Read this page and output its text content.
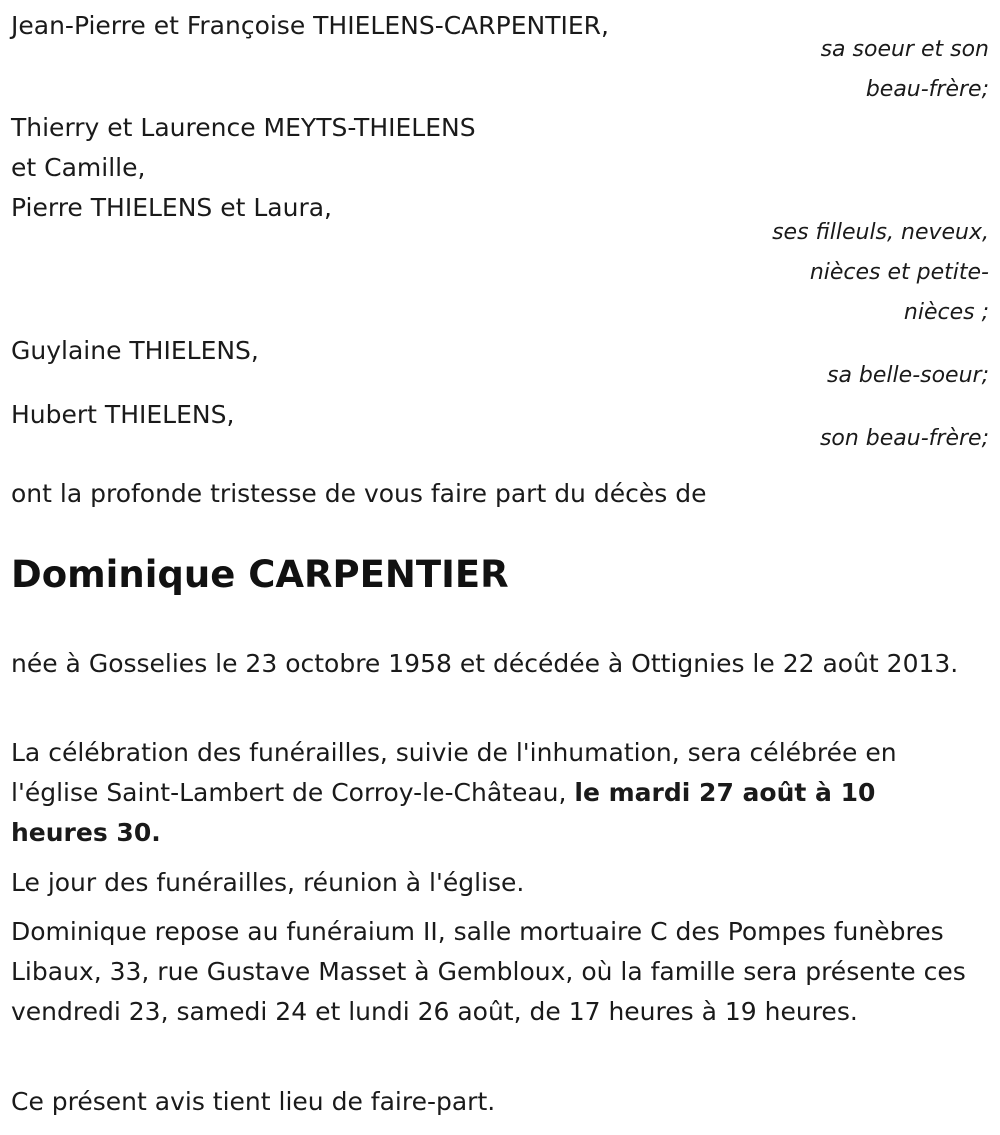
Jean-Pierre et Françoise THIELENS-CARPENTIER,
sa soeur et son
beau-frère;
Thierry et Laurence MEYTS-THIELENS
et Camille,
Pierre THIELENS et Laura,
ses filleuls, neveux,
nièces et petite-
nièces ;
Guylaine THIELENS,
sa belle-soeur;
Hubert THIELENS,
son beau-frère;
ont la profonde tristesse de vous faire part du décès de
Dominique CARPENTIER
née à Gosselies le 23 octobre 1958 et décédée à Ottignies le 22 août 2013.
La célébration des funérailles, suivie de l'inhumation, sera célébrée en l'église Saint-Lambert de Corroy-le-Château, le mardi 27 août à 10 heures 30.
Le jour des funérailles, réunion à l'église.
Dominique repose au funéraium II, salle mortuaire C des Pompes funèbres Libaux, 33, rue Gustave Masset à Gembloux, où la famille sera présente ces vendredi 23, samedi 24 et lundi 26 août, de 17 heures à 19 heures.
Ce présent avis tient lieu de faire-part.
